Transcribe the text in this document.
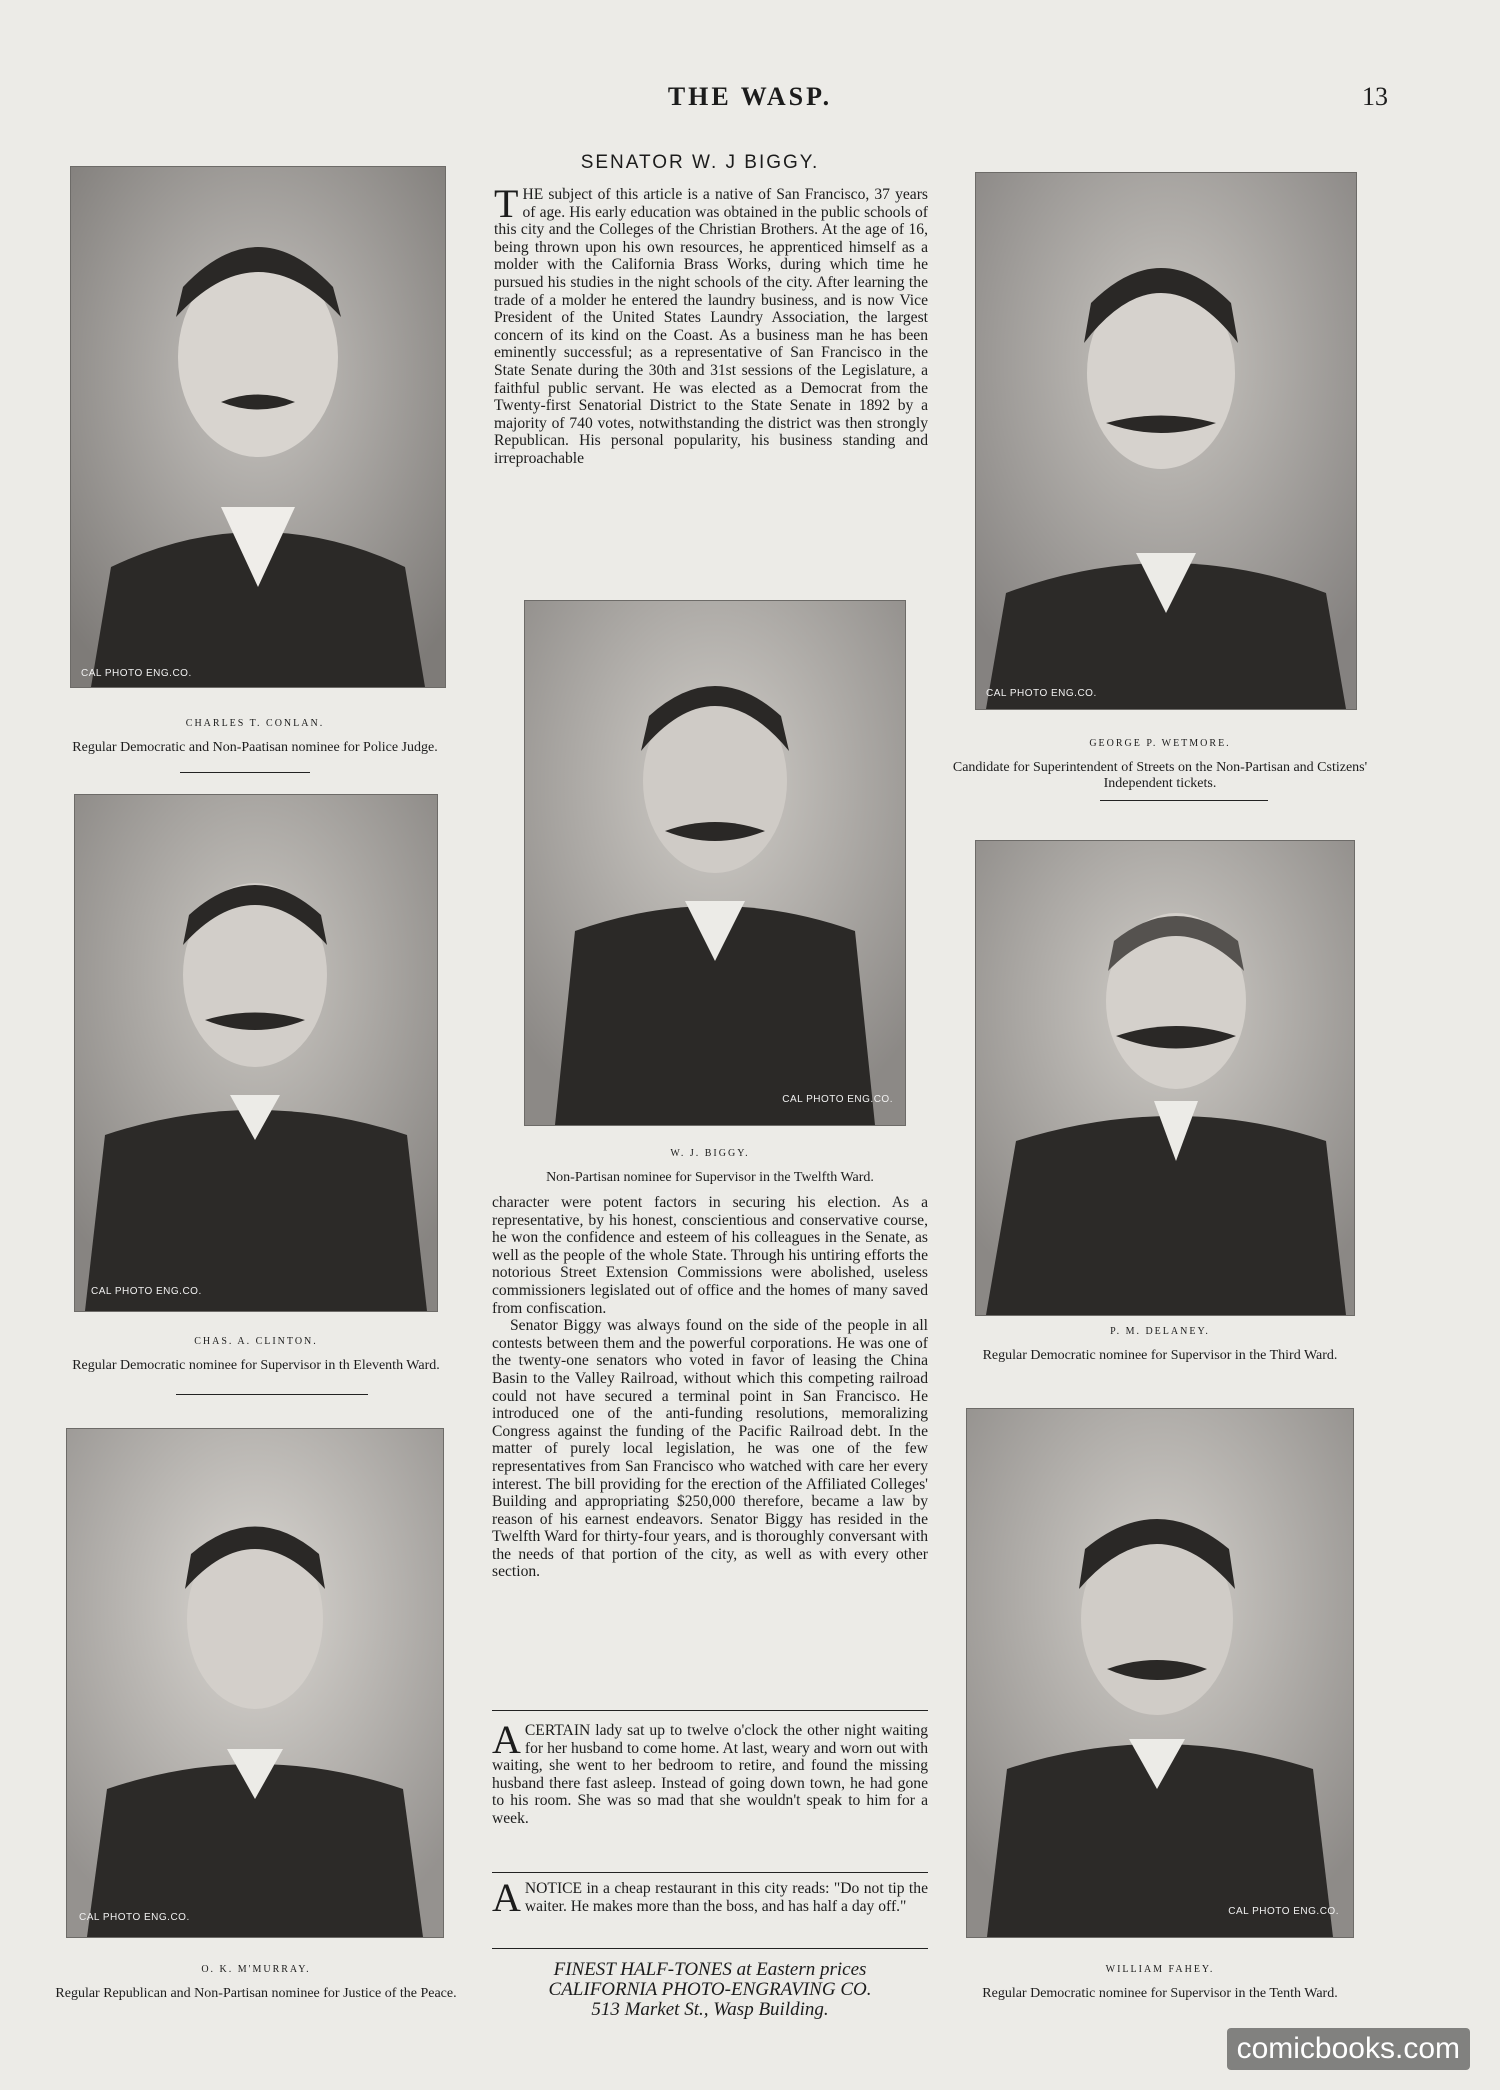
THE WASP.	13
CAL PHOTO ENG.CO.
CHARLES T. CONLAN.
Regular Democratic and Non-Paatisan nominee for Police Judge.
CAL PHOTO ENG.CO.
GEORGE P. WETMORE.
Candidate for Superintendent of Streets on the Non-Partisan and Cstizens' Independent tickets.
CAL PHOTO ENG.CO.
W. J. BIGGY.
Non-Partisan nominee for Supervisor in the Twelfth Ward.
CAL PHOTO ENG.CO.
CHAS. A. CLINTON.
Regular Democratic nominee for Supervisor in th Eleventh Ward.
P. M. DELANEY.
Regular Democratic nominee for Supervisor in the Third Ward.
CAL PHOTO ENG.CO.
O. K. M'MURRAY.
Regular Republican and Non-Partisan nominee for Justice of the Peace.
CAL PHOTO ENG.CO.
WILLIAM FAHEY.
Regular Democratic nominee for Supervisor in the Tenth Ward.
SENATOR W. J BIGGY.

THE subject of this article is a native of San Francisco, 37 years of age. His early education was obtained in the public schools of this city and the Colleges of the Christian Brothers. At the age of 16, being thrown upon his own resources, he apprenticed himself as a molder with the California Brass Works, during which time he pursued his studies in the night schools of the city. After learning the trade of a molder he entered the laundry business, and is now Vice President of the United States Laundry Association, the largest concern of its kind on the Coast. As a business man he has been eminently successful; as a representative of San Francisco in the State Senate during the 30th and 31st sessions of the Legislature, a faithful public servant. He was elected as a Democrat from the Twenty-first Senatorial District to the State Senate in 1892 by a majority of 740 votes, notwithstanding the district was then strongly Republican. His personal popularity, his business standing and irreproachable

character were potent factors in securing his election. As a representative, by his honest, conscientious and conservative course, he won the confidence and esteem of his colleagues in the Senate, as well as the people of the whole State. Through his untiring efforts the notorious Street Extension Commissions were abolished, useless commissioners legislated out of office and the homes of many saved from confiscation.

Senator Biggy was always found on the side of the people in all contests between them and the powerful corporations. He was one of the twenty-one senators who voted in favor of leasing the China Basin to the Valley Railroad, without which this competing railroad could not have secured a terminal point in San Francisco. He introduced one of the anti-funding resolutions, memoralizing Congress against the funding of the Pacific Railroad debt. In the matter of purely local legislation, he was one of the few representatives from San Francisco who watched with care her every interest. The bill providing for the erection of the Affiliated Colleges' Building and appropriating $250,000 therefore, became a law by reason of his earnest endeavors. Senator Biggy has resided in the Twelfth Ward for thirty-four years, and is thoroughly conversant with the needs of that portion of the city, as well as with every other section.

ACERTAIN lady sat up to twelve o'clock the other night waiting for her husband to come home. At last, weary and worn out with waiting, she went to her bedroom to retire, and found the missing husband there fast asleep. Instead of going down town, he had gone to his room. She was so mad that she wouldn't speak to him for a week.

ANOTICE in a cheap restaurant in this city reads: "Do not tip the waiter. He makes more than the boss, and has half a day off."

FINEST HALF-TONES at Eastern prices
CALIFORNIA PHOTO-ENGRAVING CO.
513 Market St., Wasp Building.
comicbooks.com
